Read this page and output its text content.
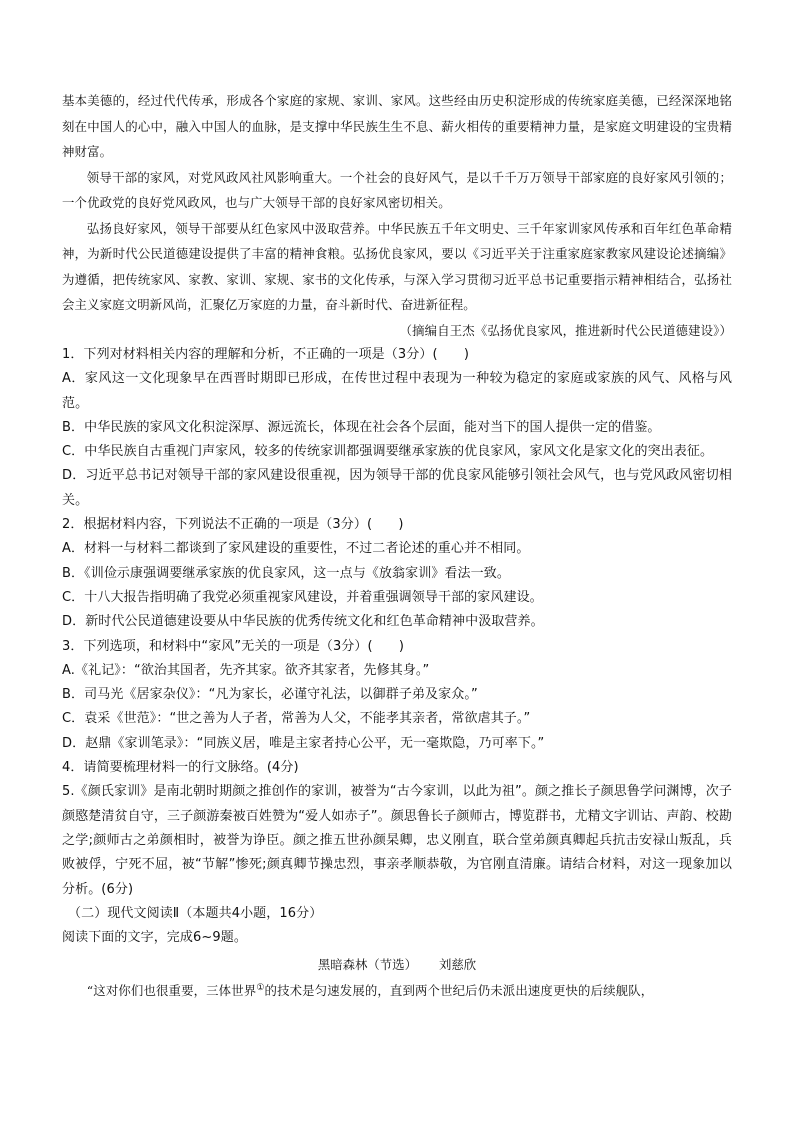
基本美德的，经过代代传承，形成各个家庭的家规、家训、家风。这些经由历史积淀形成的传统家庭美德，已经深深地铭刻在中国人的心中，融入中国人的血脉，是支撑中华民族生生不息、薪火相传的重要精神力量，是家庭文明建设的宝贵精神财富。

领导干部的家风，对党风政风社风影响重大。一个社会的良好风气，是以千千万万领导干部家庭的良好家风引领的；一个优政党的良好党风政风，也与广大领导干部的良好家风密切相关。

弘扬良好家风，领导干部要从红色家风中汲取营养。中华民族五千年文明史、三千年家训家风传承和百年红色革命精神，为新时代公民道德建设提供了丰富的精神食粮。弘扬优良家风，要以《习近平关于注重家庭家教家风建设论述摘编》为遵循，把传统家风、家教、家训、家规、家书的文化传承，与深入学习贯彻习近平总书记重要指示精神相结合，弘扬社会主义家庭文明新风尚，汇聚亿万家庭的力量，奋斗新时代、奋进新征程。

（摘编自王杰《弘扬优良家风，推进新时代公民道德建设》）

1．下列对材料相关内容的理解和分析，不正确的一项是（3分）(　　)

A．家风这一文化现象早在西晋时期即已形成，在传世过程中表现为一种较为稳定的家庭或家族的风气、风格与风范。

B．中华民族的家风文化积淀深厚、源远流长，体现在社会各个层面，能对当下的国人提供一定的借鉴。

C．中华民族自古重视门声家风，较多的传统家训都强调要继承家族的优良家风，家风文化是家文化的突出表征。

D．习近平总书记对领导干部的家风建设很重视，因为领导干部的优良家风能够引领社会风气，也与党风政风密切相关。

2．根据材料内容，下列说法不正确的一项是（3分）(　　)

A．材料一与材料二都谈到了家风建设的重要性，不过二者论述的重心并不相同。

B．《训俭示康强调要继承家族的优良家风，这一点与《放翁家训》看法一致。

C．十八大报告指明确了我党必须重视家风建设，并着重强调领导干部的家风建设。

D．新时代公民道德建设要从中华民族的优秀传统文化和红色革命精神中汲取营养。

3．下列选项，和材料中“家风”无关的一项是（3分）(　　)

A.《礼记》：“欲治其国者，先齐其家。欲齐其家者，先修其身。”

B．司马光《居家杂仪》：“凡为家长，必谨守礼法，以御群子弟及家众。”

C．袁采《世范》：“世之善为人子者，常善为人父，不能孝其亲者，常欲虐其子。”

D．赵鼎《家训笔录》：“同族义居，唯是主家者持心公平，无一毫欺隐，乃可率下。”

4．请简要梳理材料一的行文脉络。(4分)

5.《颜氏家训》是南北朝时期颜之推创作的家训，被誉为“古今家训，以此为祖”。颜之推长子颜思鲁学问渊博，次子颜愍楚清贫自守，三子颜游秦被百姓赞为“爱人如赤子”。颜思鲁长子颜师古，博览群书，尤精文字训诂、声韵、校勘之学;颜师古之弟颜相时，被誉为诤臣。颜之推五世孙颜杲卿，忠义刚直，联合堂弟颜真卿起兵抗击安禄山叛乱，兵败被俘，宁死不屈，被“节解”惨死;颜真卿节操忠烈，事亲孝顺恭敬，为官刚直清廉。请结合材料，对这一现象加以分析。(6分)

（二）现代文阅读Ⅱ（本题共4小题，16分）

阅读下面的文字，完成6~9题。

黑暗森林（节选） 刘慈欣

“这对你们也很重要，三体世界①的技术是匀速发展的，直到两个世纪后仍未派出速度更快的后续舰队，
